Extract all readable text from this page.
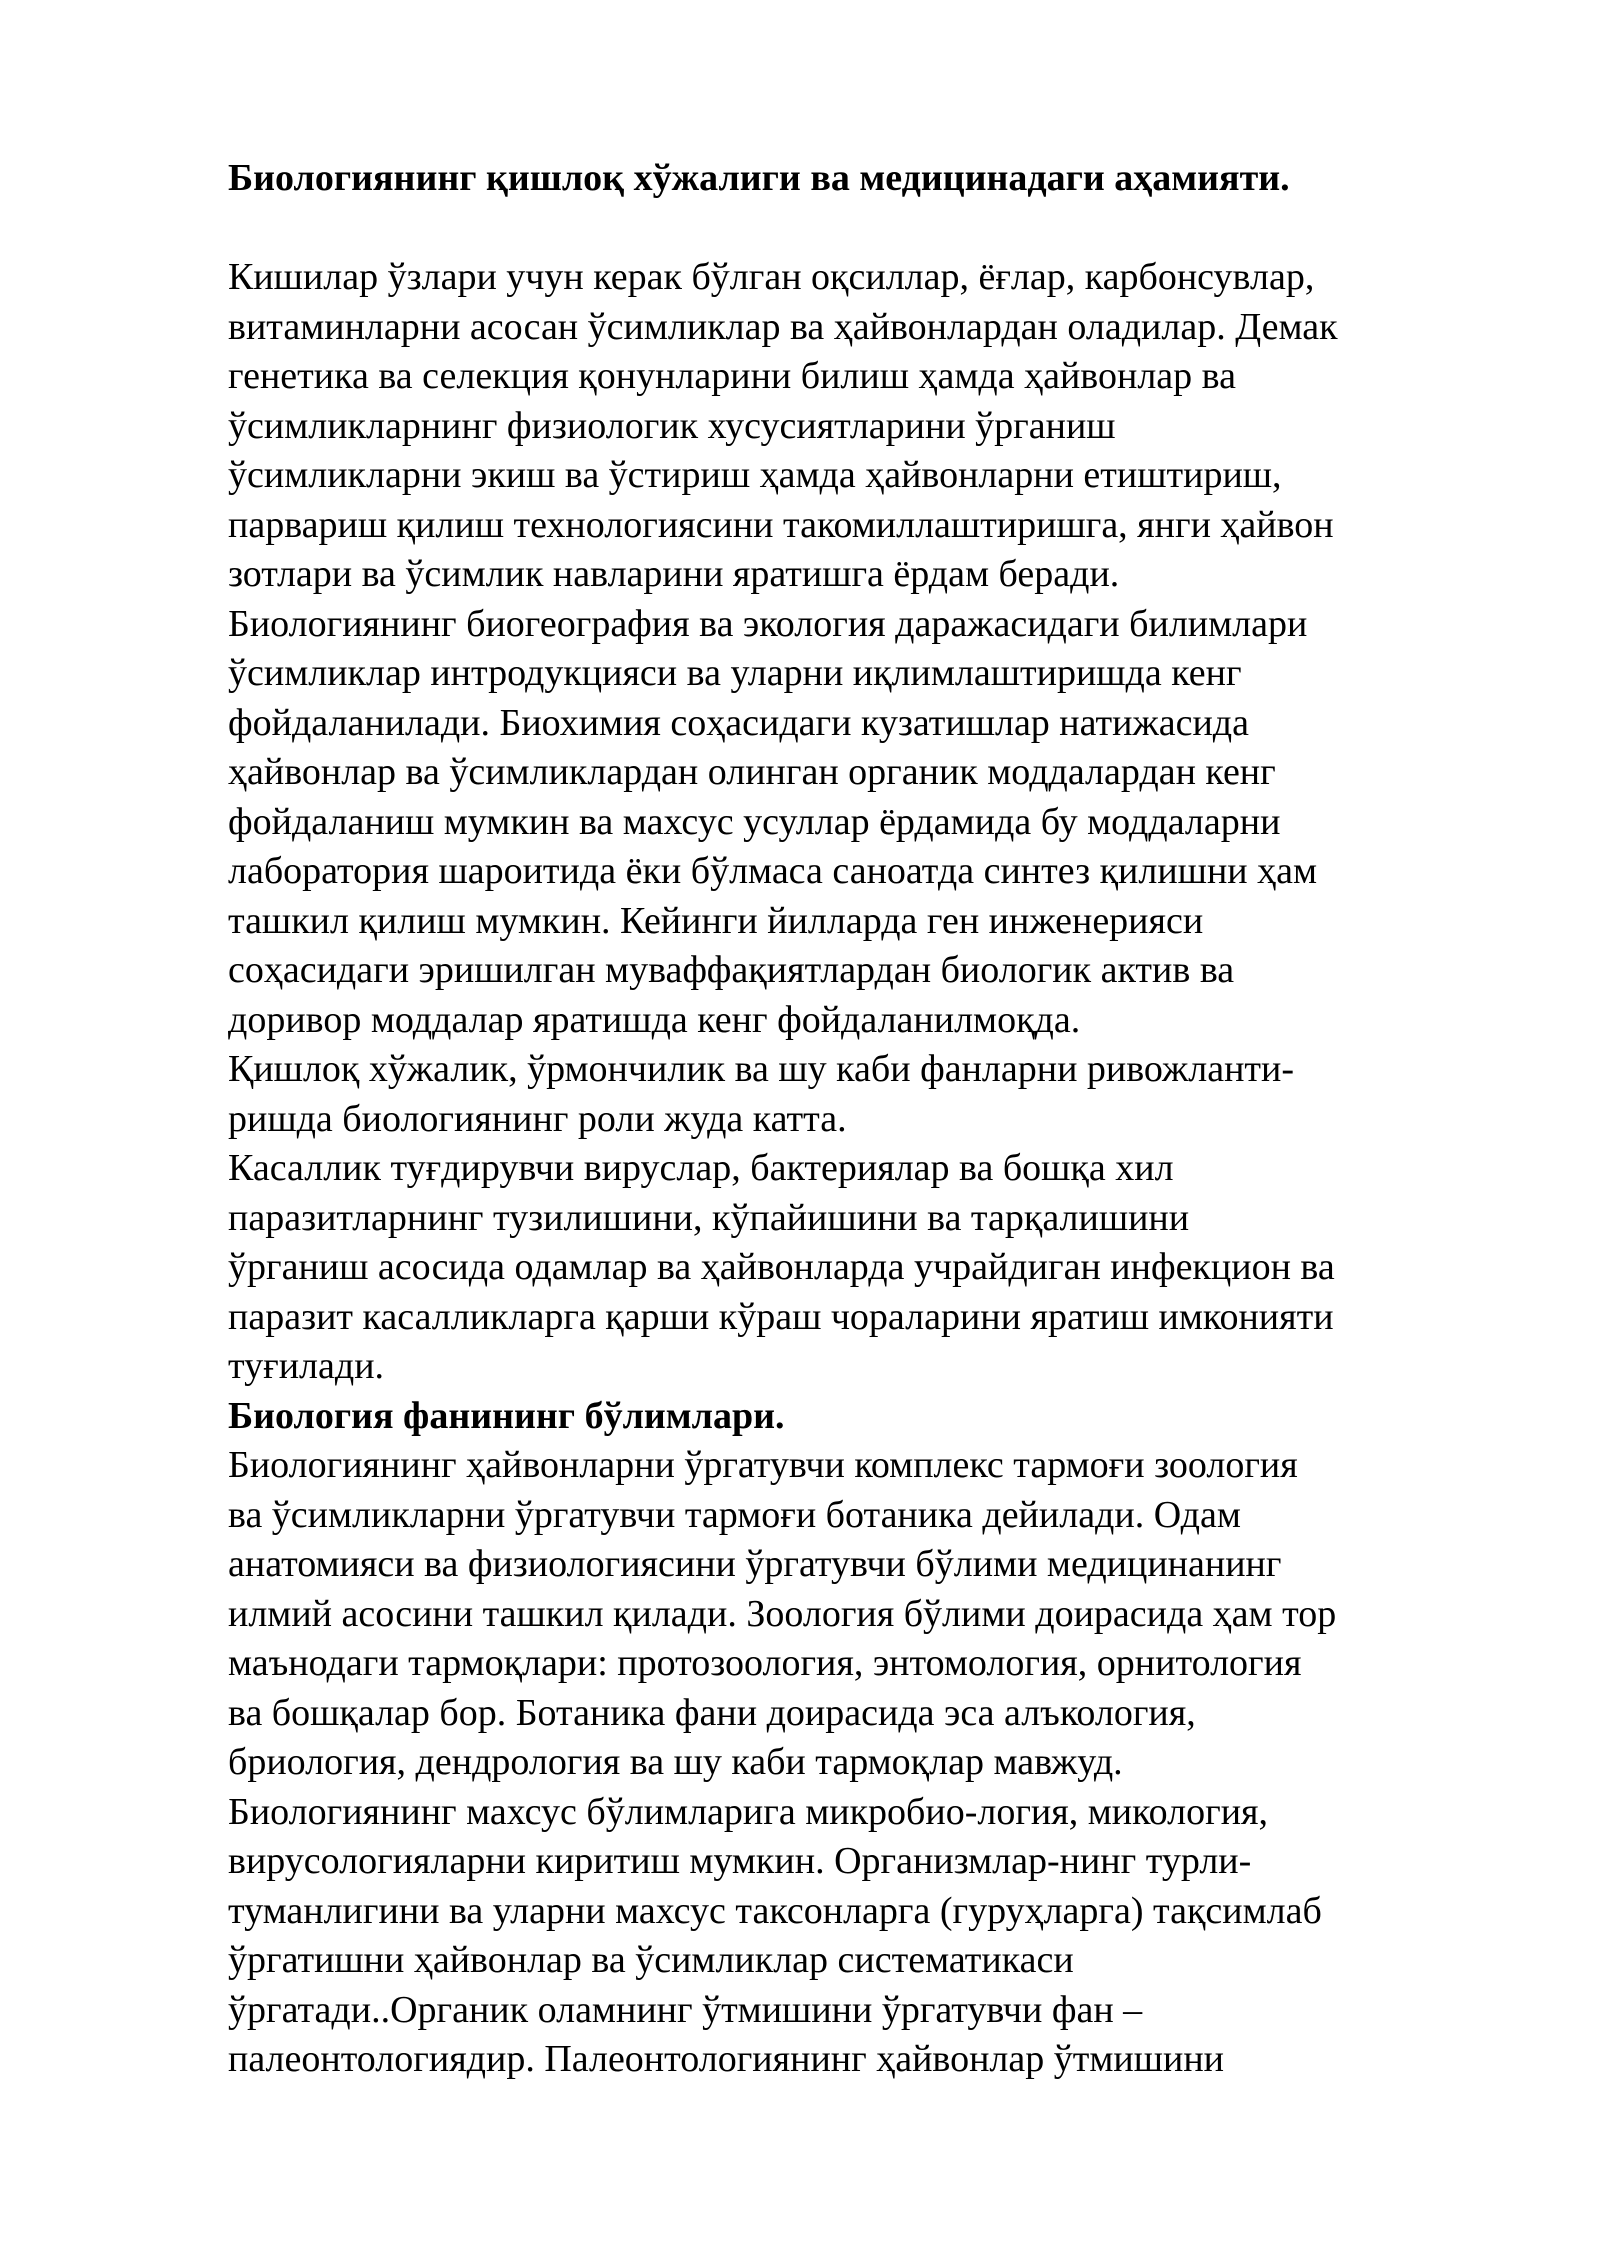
Биологиянинг қишлоқ хўжалиги ва медицинадаги аҳамияти.
Кишилар ўзлари учун керак бўлган оқсиллар, ёғлар, карбонсувлар,
витаминларни асосан ўсимликлар ва ҳайвонлардан оладилар. Демак
генетика ва селекция қонунларини билиш ҳамда ҳайвонлар ва
ўсимликларнинг физиологик хусусиятларини ўрганиш
ўсимликларни экиш ва ўстириш ҳамда ҳайвонларни етиштириш,
парвариш қилиш технологиясини такомиллаштиришга, янги ҳайвон
зотлари ва ўсимлик навларини яратишга ёрдам беради.
Биологиянинг биогеография ва экология даражасидаги билимлари
ўсимликлар интродукцияси ва уларни иқлимлаштиришда кенг
фойдаланилади. Биохимия соҳасидаги кузатишлар натижасида
ҳайвонлар ва ўсимликлардан олинган органик моддалардан кенг
фойдаланиш мумкин ва махсус усуллар ёрдамида бу моддаларни
лаборатория шароитида ёки бўлмаса саноатда синтез қилишни ҳам
ташкил қилиш мумкин. Кейинги йилларда ген инженерияси
соҳасидаги эришилган муваффақиятлардан биологик актив ва
доривор моддалар яратишда кенг фойдаланилмоқда.
Қишлоқ хўжалик, ўрмончилик ва шу каби фанларни ривожланти-
ришда биологиянинг роли жуда катта.
Касаллик туғдирувчи вируслар, бактериялар ва бошқа хил
паразитларнинг тузилишини, кўпайишини ва тарқалишини
ўрганиш асосида одамлар ва ҳайвонларда учрайдиган инфекцион ва
паразит касалликларга қарши кўраш чораларини яратиш имконияти
туғилади.
Биология фанининг бўлимлари.
Биологиянинг ҳайвонларни ўргатувчи комплекс тармоғи зоология
ва ўсимликларни ўргатувчи тармоғи ботаника дейилади. Одам
анатомияси ва физиологиясини ўргатувчи бўлими медицинанинг
илмий асосини ташкил қилади. Зоология бўлими доирасида ҳам тор
маънодаги тармоқлари: протозоология, энтомология, орнитология
ва бошқалар бор. Ботаника фани доирасида эса алъкология,
бриология, дендрология ва шу каби тармоқлар мавжуд.
Биологиянинг махсус бўлимларига микробио-логия, микология,
вирусологияларни киритиш мумкин. Организмлар-нинг турли-
туманлигини ва уларни махсус таксонларга (гуруҳларга) тақсимлаб
ўргатишни ҳайвонлар ва ўсимликлар систематикаси
ўргатади..Органик оламнинг ўтмишини ўргатувчи фан –
палеонтологиядир. Палеонтологиянинг ҳайвонлар ўтмишини
